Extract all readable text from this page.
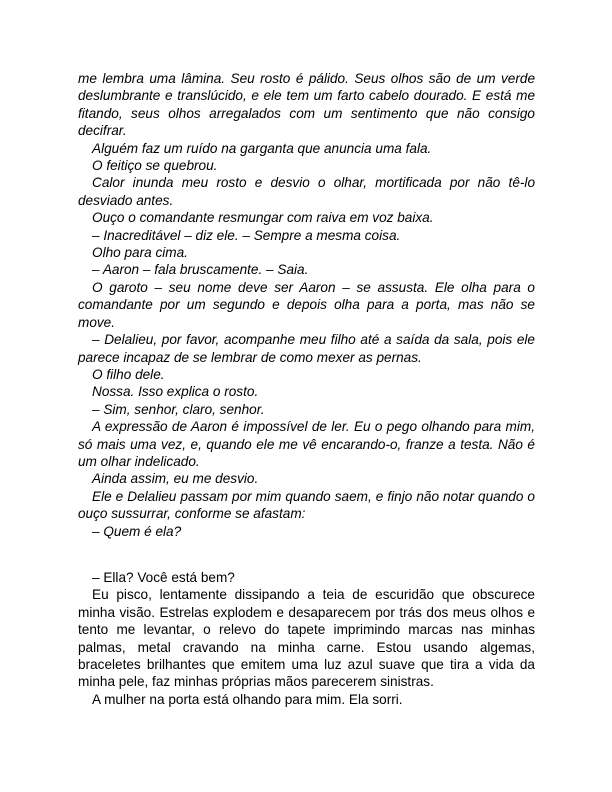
me lembra uma lâmina. Seu rosto é pálido. Seus olhos são de um verde deslumbrante e translúcido, e ele tem um farto cabelo dourado. E está me fitando, seus olhos arregalados com um sentimento que não consigo decifrar.

Alguém faz um ruído na garganta que anuncia uma fala.

O feitiço se quebrou.

Calor inunda meu rosto e desvio o olhar, mortificada por não tê-lo desviado antes.

Ouço o comandante resmungar com raiva em voz baixa.

– Inacreditável – diz ele. – Sempre a mesma coisa.

Olho para cima.

– Aaron – fala bruscamente. – Saia.

O garoto – seu nome deve ser Aaron – se assusta. Ele olha para o comandante por um segundo e depois olha para a porta, mas não se move.

– Delalieu, por favor, acompanhe meu filho até a saída da sala, pois ele parece incapaz de se lembrar de como mexer as pernas.

O filho dele.

Nossa. Isso explica o rosto.

– Sim, senhor, claro, senhor.

A expressão de Aaron é impossível de ler. Eu o pego olhando para mim, só mais uma vez, e, quando ele me vê encarando-o, franze a testa. Não é um olhar indelicado.

Ainda assim, eu me desvio.

Ele e Delalieu passam por mim quando saem, e finjo não notar quando o ouço sussurrar, conforme se afastam:

– Quem é ela?

– Ella? Você está bem?

Eu pisco, lentamente dissipando a teia de escuridão que obscurece minha visão. Estrelas explodem e desaparecem por trás dos meus olhos e tento me levantar, o relevo do tapete imprimindo marcas nas minhas palmas, metal cravando na minha carne. Estou usando algemas, braceletes brilhantes que emitem uma luz azul suave que tira a vida da minha pele, faz minhas próprias mãos parecerem sinistras.

A mulher na porta está olhando para mim. Ela sorri.
